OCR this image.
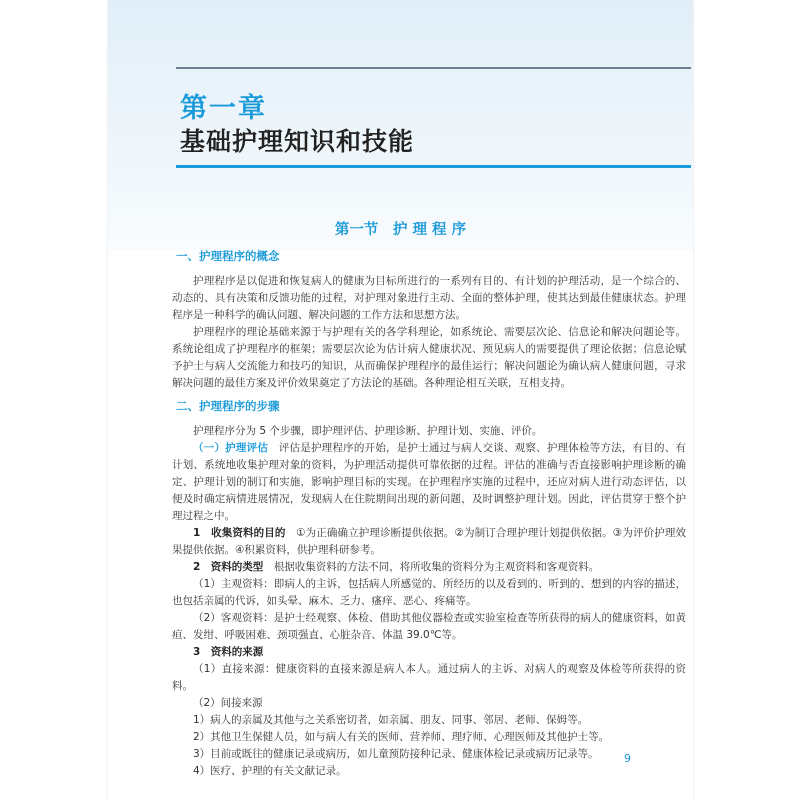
第一章
基础护理知识和技能
第一节　护 理 程 序
一、护理程序的概念

护理程序是以促进和恢复病人的健康为目标所进行的一系列有目的、有计划的护理活动，是一个综合的、动态的、具有决策和反馈功能的过程，对护理对象进行主动、全面的整体护理，使其达到最佳健康状态。护理程序是一种科学的确认问题、解决问题的工作方法和思想方法。

护理程序的理论基础来源于与护理有关的各学科理论，如系统论、需要层次论、信息论和解决问题论等。系统论组成了护理程序的框架；需要层次论为估计病人健康状况、预见病人的需要提供了理论依据；信息论赋予护士与病人交流能力和技巧的知识，从而确保护理程序的最佳运行；解决问题论为确认病人健康问题，寻求解决问题的最佳方案及评价效果奠定了方法论的基础。各种理论相互关联，互相支持。

二、护理程序的步骤

护理程序分为 5 个步骤，即护理评估、护理诊断、护理计划、实施、评价。

（一）护理评估  评估是护理程序的开始，是护士通过与病人交谈、观察、护理体检等方法，有目的、有计划、系统地收集护理对象的资料，为护理活动提供可靠依据的过程。评估的准确与否直接影响护理诊断的确定、护理计划的制订和实施，影响护理目标的实现。在护理程序实施的过程中，还应对病人进行动态评估，以便及时确定病情进展情况，发现病人在住院期间出现的新问题，及时调整护理计划。因此，评估贯穿于整个护理过程之中。

1　收集资料的目的  ①为正确确立护理诊断提供依据。②为制订合理护理计划提供依据。③为评价护理效果提供依据。④积累资料，供护理科研参考。

2　资料的类型  根据收集资料的方法不同，将所收集的资料分为主观资料和客观资料。

（1）主观资料：即病人的主诉，包括病人所感觉的、所经历的以及看到的、听到的、想到的内容的描述，也包括亲属的代诉，如头晕、麻木、乏力、瘙痒、恶心、疼痛等。

（2）客观资料：是护士经观察、体检、借助其他仪器检查或实验室检查等所获得的病人的健康资料，如黄疸、发绀、呼吸困难、颈项强直、心脏杂音、体温 39.0℃等。

3　资料的来源

（1）直接来源：健康资料的直接来源是病人本人。通过病人的主诉、对病人的观察及体检等所获得的资料。

（2）间接来源

1）病人的亲属及其他与之关系密切者，如亲属、朋友、同事、邻居、老师、保姆等。

2）其他卫生保健人员，如与病人有关的医师、营养师、理疗师、心理医师及其他护士等。

3）目前或既往的健康记录或病历，如儿童预防接种记录、健康体检记录或病历记录等。

4）医疗、护理的有关文献记录。

9
